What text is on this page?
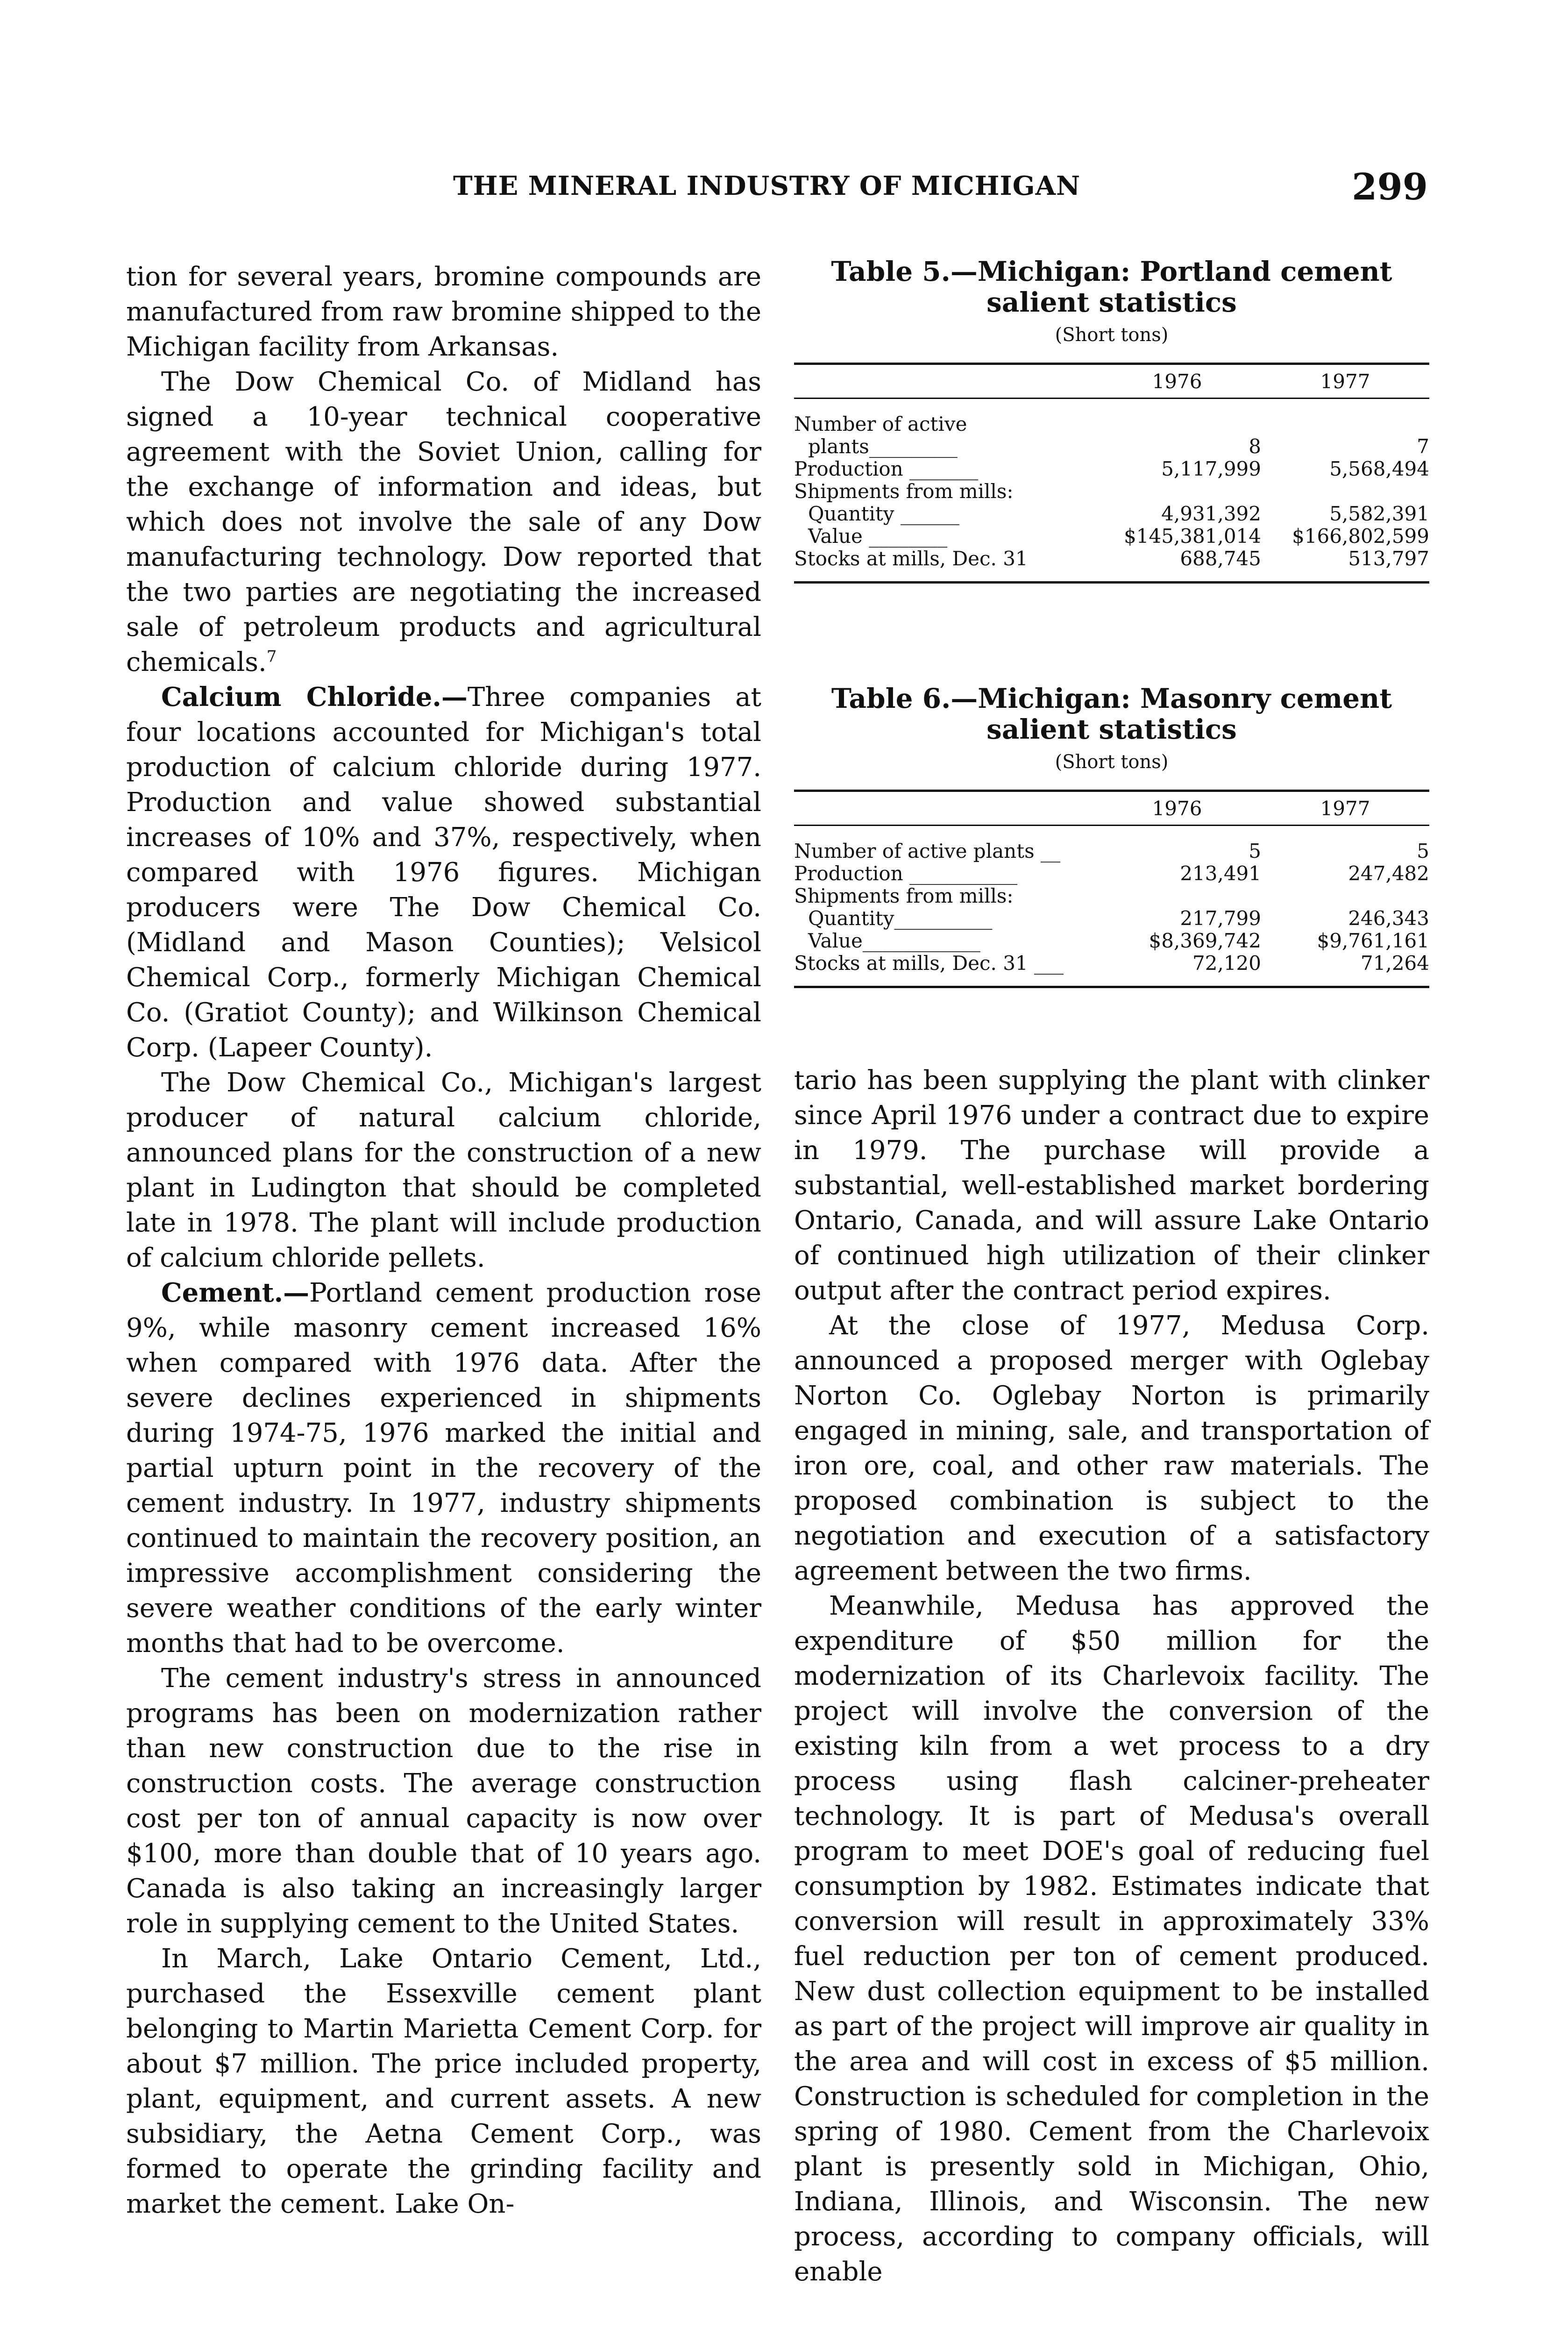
THE MINERAL INDUSTRY OF MICHIGAN	299

tion for several years, bromine compounds are manufactured from raw bromine shipped to the Michigan facility from Arkansas.

The Dow Chemical Co. of Midland has signed a 10-year technical cooperative agreement with the Soviet Union, calling for the exchange of information and ideas, but which does not involve the sale of any Dow manufacturing technology. Dow reported that the two parties are negotiating the increased sale of petroleum products and agricultural chemicals.$^7$

Calcium Chloride.—Three companies at four locations accounted for Michigan's total production of calcium chloride during 1977. Production and value showed substantial increases of 10% and 37%, respectively, when compared with 1976 figures. Michigan producers were The Dow Chemical Co. (Midland and Mason Counties); Velsicol Chemical Corp., formerly Michigan Chemical Co. (Gratiot County); and Wilkinson Chemical Corp. (Lapeer County).

The Dow Chemical Co., Michigan's largest producer of natural calcium chloride, announced plans for the construction of a new plant in Ludington that should be completed late in 1978. The plant will include production of calcium chloride pellets.

Cement.—Portland cement production rose 9%, while masonry cement increased 16% when compared with 1976 data. After the severe declines experienced in shipments during 1974-75, 1976 marked the initial and partial upturn point in the recovery of the cement industry. In 1977, industry shipments continued to maintain the recovery position, an impressive accomplishment considering the severe weather conditions of the early winter months that had to be overcome.

The cement industry's stress in announced programs has been on modernization rather than new construction due to the rise in construction costs. The average construction cost per ton of annual capacity is now over $100, more than double that of 10 years ago. Canada is also taking an increasingly larger role in supplying cement to the United States.

In March, Lake Ontario Cement, Ltd., purchased the Essexville cement plant belonging to Martin Marietta Cement Corp. for about $7 million. The price included property, plant, equipment, and current assets. A new subsidiary, the Aetna Cement Corp., was formed to operate the grinding facility and market the cement. Lake On-

Table 5.—Michigan: Portland cement
salient statistics
(Short tons)
1976	1977
Number of active
plants_________	8	7
Production _______	5,117,999	5,568,494
Shipments from mills:
Quantity ______	4,931,392	5,582,391
Value ________	$145,381,014	$166,802,599
Stocks at mills, Dec. 31	688,745	513,797
Table 6.—Michigan: Masonry cement
salient statistics
(Short tons)
1976	1977
Number of active plants __	5	5
Production ___________	213,491	247,482
Shipments from mills:
Quantity__________	217,799	246,343
Value____________	$8,369,742	$9,761,161
Stocks at mills, Dec. 31 ___	72,120	71,264

tario has been supplying the plant with clinker since April 1976 under a contract due to expire in 1979. The purchase will provide a substantial, well-established market bordering Ontario, Canada, and will assure Lake Ontario of continued high utilization of their clinker output after the contract period expires.

At the close of 1977, Medusa Corp. announced a proposed merger with Oglebay Norton Co. Oglebay Norton is primarily engaged in mining, sale, and transportation of iron ore, coal, and other raw materials. The proposed combination is subject to the negotiation and execution of a satisfactory agreement between the two firms.

Meanwhile, Medusa has approved the expenditure of $50 million for the modernization of its Charlevoix facility. The project will involve the conversion of the existing kiln from a wet process to a dry process using flash calciner-preheater technology. It is part of Medusa's overall program to meet DOE's goal of reducing fuel consumption by 1982. Estimates indicate that conversion will result in approximately 33% fuel reduction per ton of cement produced. New dust collection equipment to be installed as part of the project will improve air quality in the area and will cost in excess of $5 million. Construction is scheduled for completion in the spring of 1980. Cement from the Charlevoix plant is presently sold in Michigan, Ohio, Indiana, Illinois, and Wisconsin. The new process, according to company officials, will enable
